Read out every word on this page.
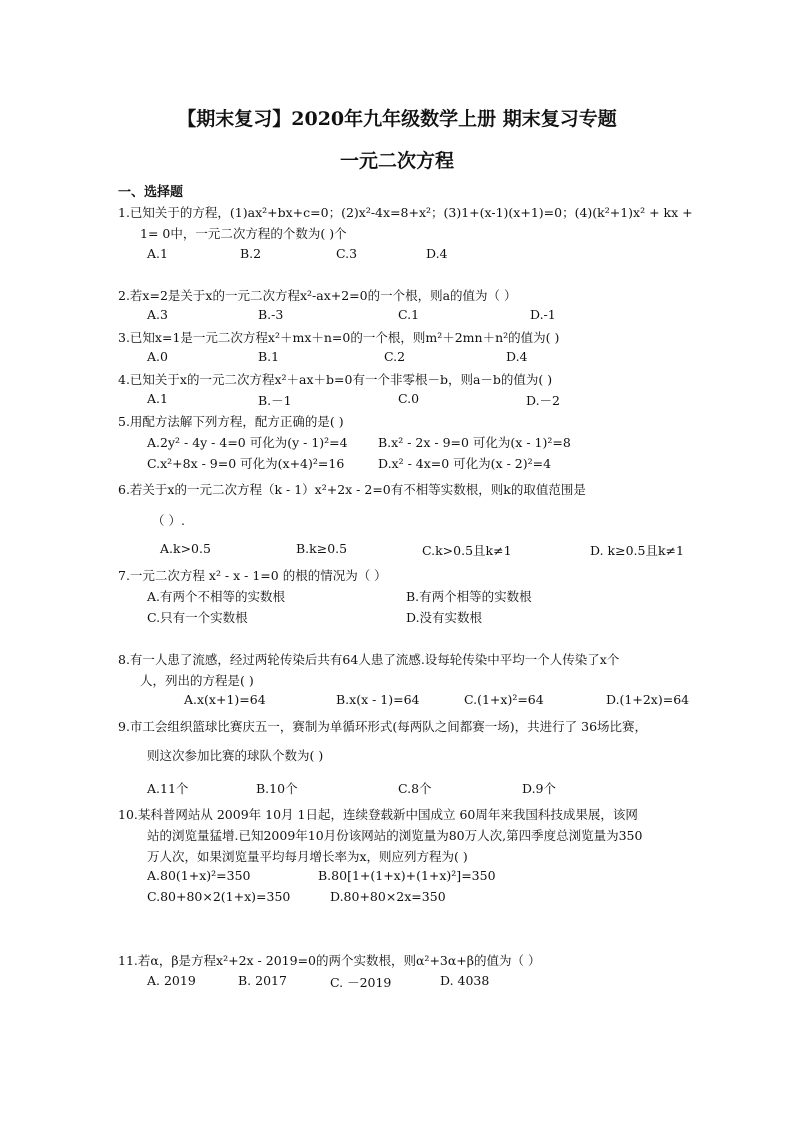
【期末复习】2020年九年级数学上册 期末复习专题
一元二次方程
一、选择题
1.已知关于的方程，(1)ax²+bx+c=0；(2)x²-4x=8+x²；(3)1+(x-1)(x+1)=0；(4)(k²+1)x² + kx +
1= 0中，一元二次方程的个数为( )个
A.1	B.2	C.3	D.4
2.若x=2是关于x的一元二次方程x²-ax+2=0的一个根，则a的值为（ ）
A.3	B.-3	C.1	D.-1
3.已知x=1是一元二次方程x²＋mx＋n=0的一个根，则m²＋2mn＋n²的值为( )
A.0	B.1	C.2	D.4
4.已知关于x的一元二次方程x²＋ax＋b=0有一个非零根－b，则a－b的值为( )
A.1	B.－1	C.0	D.－2
5.用配方法解下列方程，配方正确的是( )
A.2y² - 4y - 4=0 可化为(y - 1)²=4 B.x² - 2x - 9=0 可化为(x - 1)²=8
C.x²+8x - 9=0 可化为(x+4)²=16	D.x² - 4x=0 可化为(x - 2)²=4
6.若关于x的一元二次方程（k - 1）x²+2x - 2=0有不相等实数根，则k的取值范围是
（ ）.
A.k>0.5	B.k≥0.5	C.k>0.5且k≠1	D. k≥0.5且k≠1
7.一元二次方程 x² - x - 1=0 的根的情况为（ ）
A.有两个不相等的实数根	B.有两个相等的实数根
C.只有一个实数根	D.没有实数根
8.有一人患了流感，经过两轮传染后共有64人患了流感.设每轮传染中平均一个人传染了x个
人，列出的方程是( )
A.x(x+1)=64	B.x(x - 1)=64	C.(1+x)²=64	D.(1+2x)=64
9.市工会组织篮球比赛庆五一，赛制为单循环形式(每两队之间都赛一场)，共进行了 36场比赛，
则这次参加比赛的球队个数为( )
A.11个	B.10个	C.8个	D.9个
10.某科普网站从 2009年 10月 1日起，连续登载新中国成立 60周年来我国科技成果展，该网
站的浏览量猛增.已知2009年10月份该网站的浏览量为80万人次,第四季度总浏览量为350
万人次，如果浏览量平均每月增长率为x，则应列方程为( )
A.80(1+x)²=350	B.80[1+(1+x)+(1+x)²]=350
C.80+80×2(1+x)=350	D.80+80×2x=350
11.若α，β是方程x²+2x - 2019=0的两个实数根，则α²+3α+β的值为（ ）
A. 2019	B. 2017	C. －2019	D. 4038
